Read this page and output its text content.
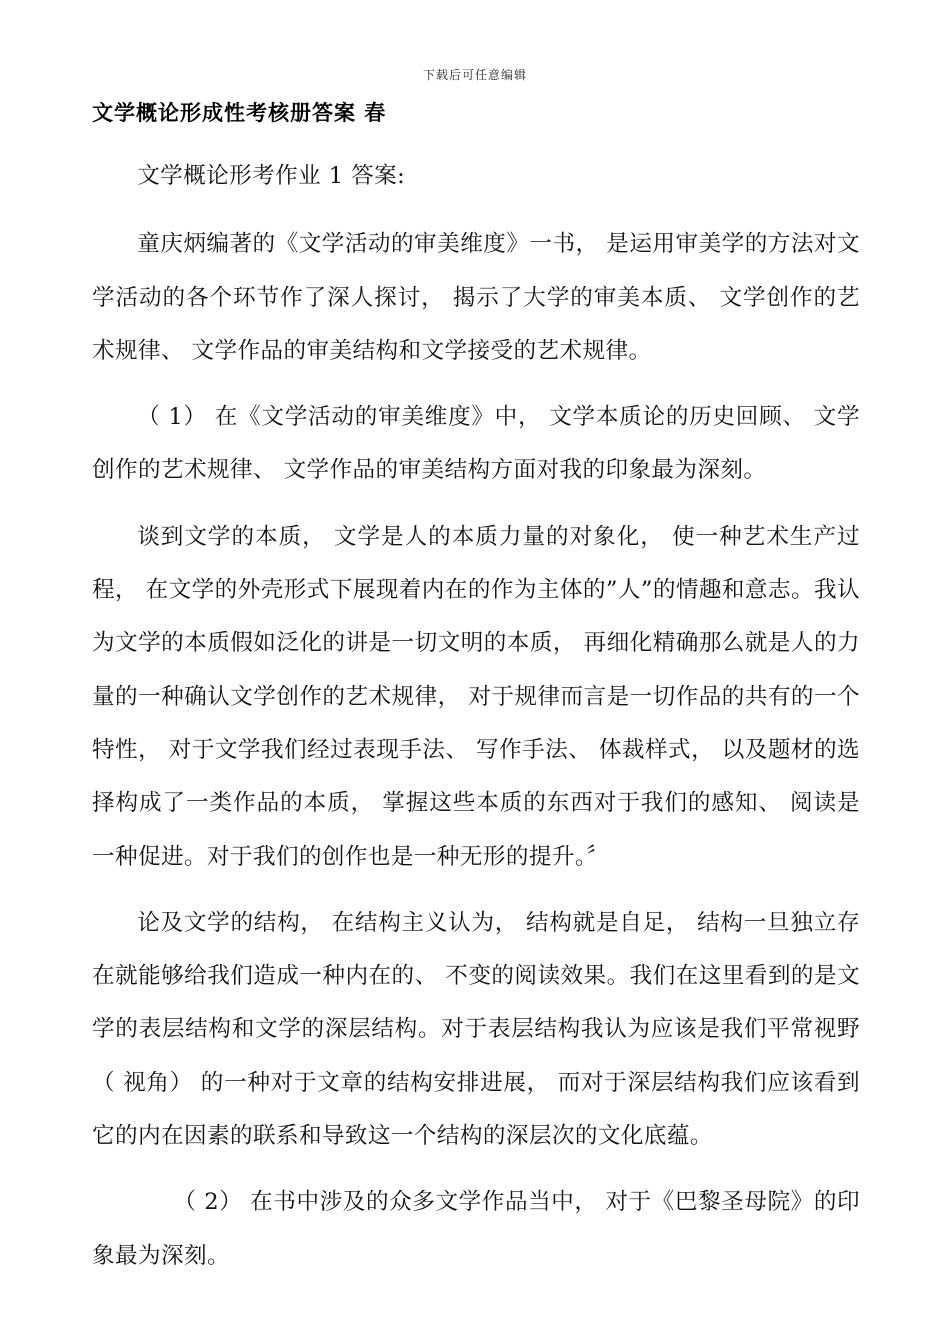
下载后可任意编辑
文学概论形成性考核册答案 春

文学概论形考作业 1 答案:

童庆炳编著的《文学活动的审美维度》一书， 是运用审美学的方法对文学活动的各个环节作了深人探讨， 揭示了大学的审美本质、 文学创作的艺术规律、 文学作品的审美结构和文学接受的艺术规律。

（ 1） 在《文学活动的审美维度》中， 文学本质论的历史回顾、 文学创作的艺术规律、 文学作品的审美结构方面对我的印象最为深刻。

谈到文学的本质， 文学是人的本质力量的对象化， 使一种艺术生产过程， 在文学的外壳形式下展现着内在的作为主体的”人”的情趣和意志。我认为文学的本质假如泛化的讲是一切文明的本质， 再细化精确那么就是人的力量的一种确认文学创作的艺术规律， 对于规律而言是一切作品的共有的一个特性， 对于文学我们经过表现手法、 写作手法、 体裁样式， 以及题材的选择构成了一类作品的本质， 掌握这些本质的东西对于我们的感知、 阅读是一种促进。对于我们的创作也是一种无形的提升。〞

论及文学的结构， 在结构主义认为， 结构就是自足， 结构一旦独立存在就能够给我们造成一种内在的、 不变的阅读效果。我们在这里看到的是文学的表层结构和文学的深层结构。对于表层结构我认为应该是我们平常视野（ 视角） 的一种对于文章的结构安排进展， 而对于深层结构我们应该看到它的内在因素的联系和导致这一个结构的深层次的文化底蕴。

（ 2） 在书中涉及的众多文学作品当中， 对于《巴黎圣母院》的印象最为深刻。
